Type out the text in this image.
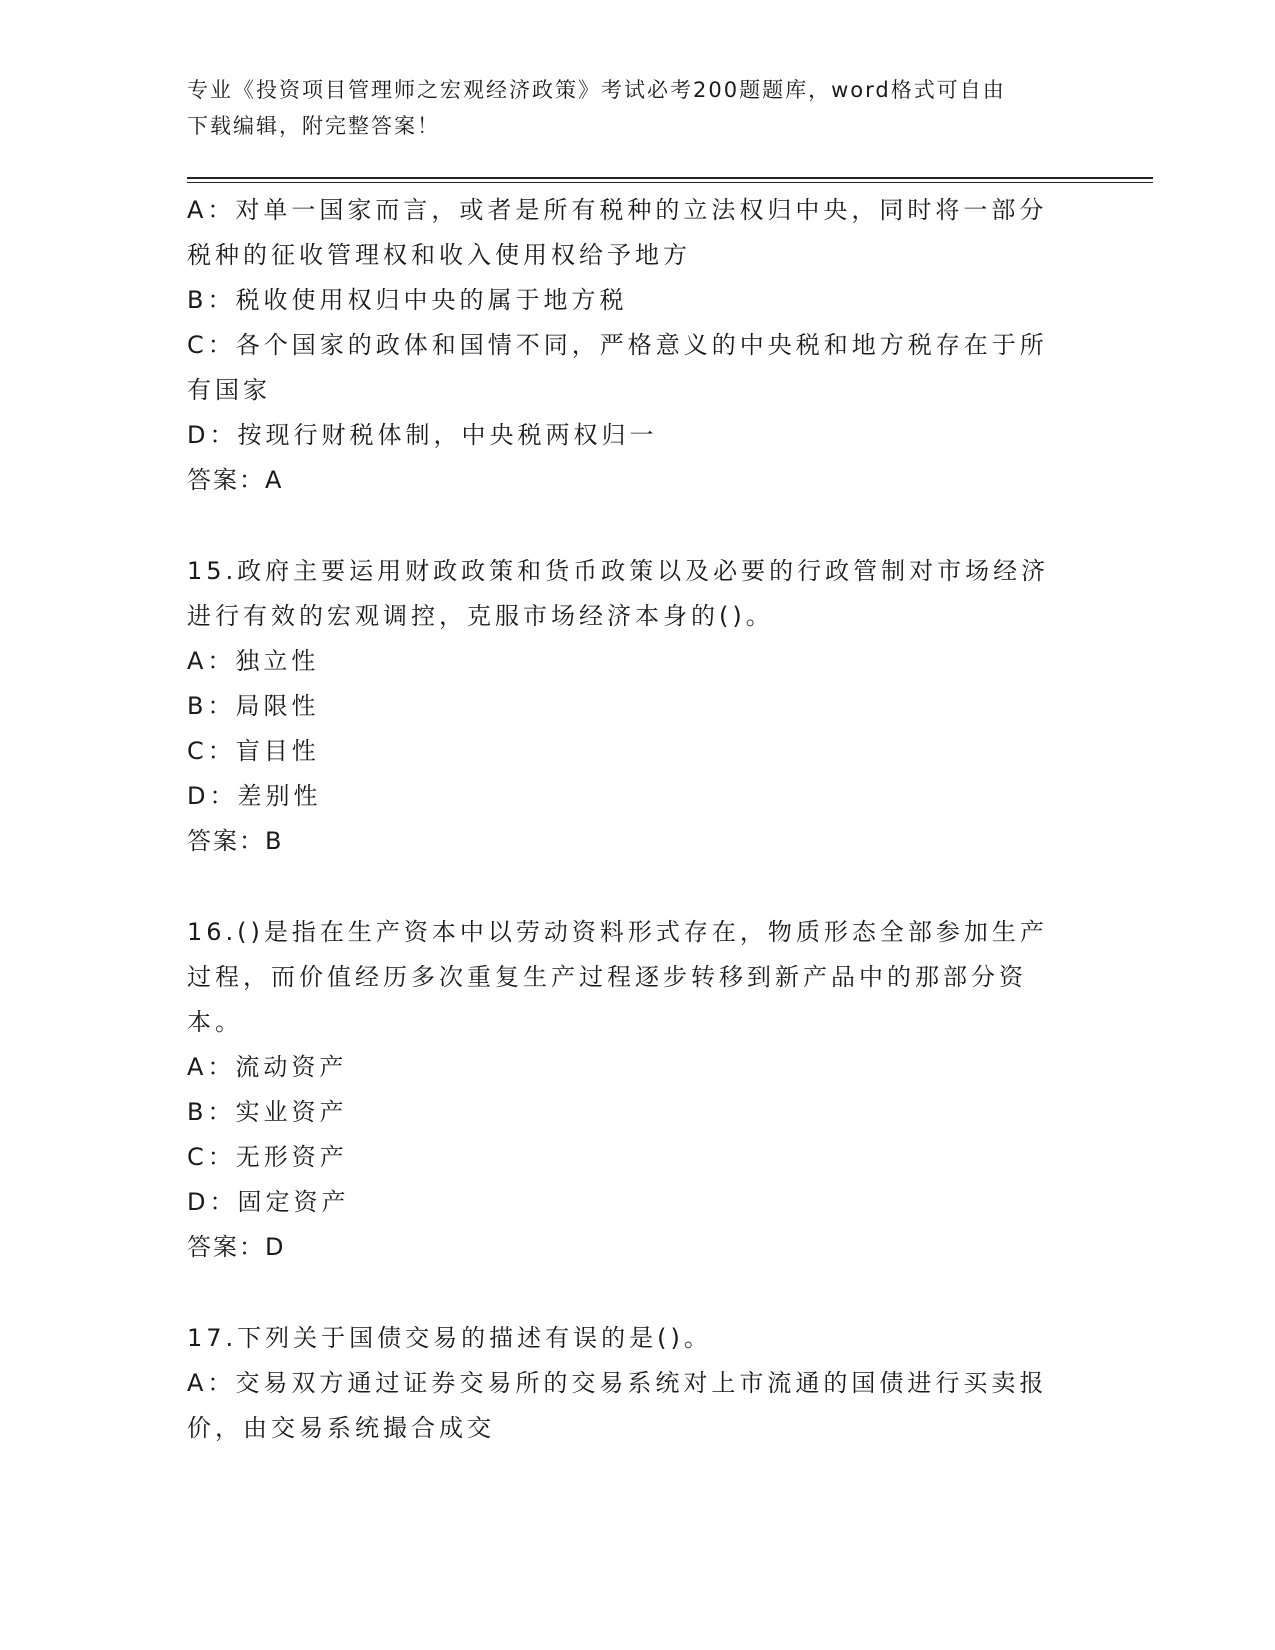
专业《投资项目管理师之宏观经济政策》考试必考200题题库，word格式可自由
下载编辑，附完整答案！
A：对单一国家而言，或者是所有税种的立法权归中央，同时将一部分
税种的征收管理权和收入使用权给予地方
B：税收使用权归中央的属于地方税
C：各个国家的政体和国情不同，严格意义的中央税和地方税存在于所
有国家
D：按现行财税体制，中央税两权归一
答案：A
15.政府主要运用财政政策和货币政策以及必要的行政管制对市场经济
进行有效的宏观调控，克服市场经济本身的()。
A：独立性
B：局限性
C：盲目性
D：差别性
答案：B
16.()是指在生产资本中以劳动资料形式存在，物质形态全部参加生产
过程，而价值经历多次重复生产过程逐步转移到新产品中的那部分资
本。
A：流动资产
B：实业资产
C：无形资产
D：固定资产
答案：D
17.下列关于国债交易的描述有误的是()。
A：交易双方通过证券交易所的交易系统对上市流通的国债进行买卖报
价，由交易系统撮合成交
